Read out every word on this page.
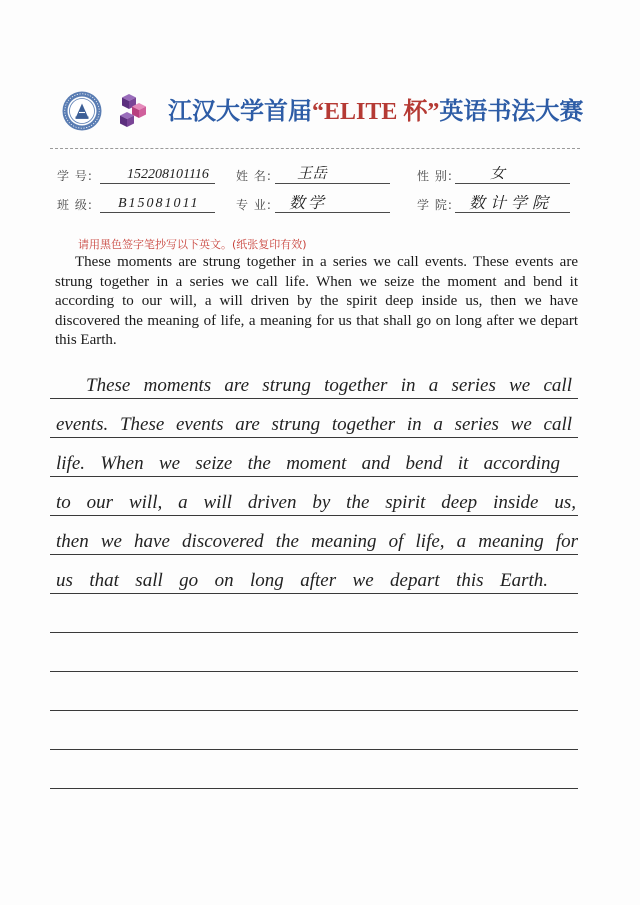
江汉大学首届“ELITE 杯”英语书法大赛
学 号:	152208101116	姓 名:	王岳	性 别:	女
班 级:	B15081011	专 业:	数学	学 院:	数计学院
请用黑色签字笔抄写以下英文。(纸张复印有效)
These moments are strung together in a series we call events. These events are
strung together in a series we call life. When we seize the moment and bend it
according to our will, a will driven by the spirit deep inside us, then we have
discovered the meaning of life, a meaning for us that shall go on long after we depart
this Earth.
These moments are strung together in a series we call
events. These events are strung together in a series we call
life. When we seize the moment and bend it according
to our will, a will driven by the spirit deep inside us,
then we have discovered the meaning of life, a meaning for
us that sall go on long after we depart this Earth.
